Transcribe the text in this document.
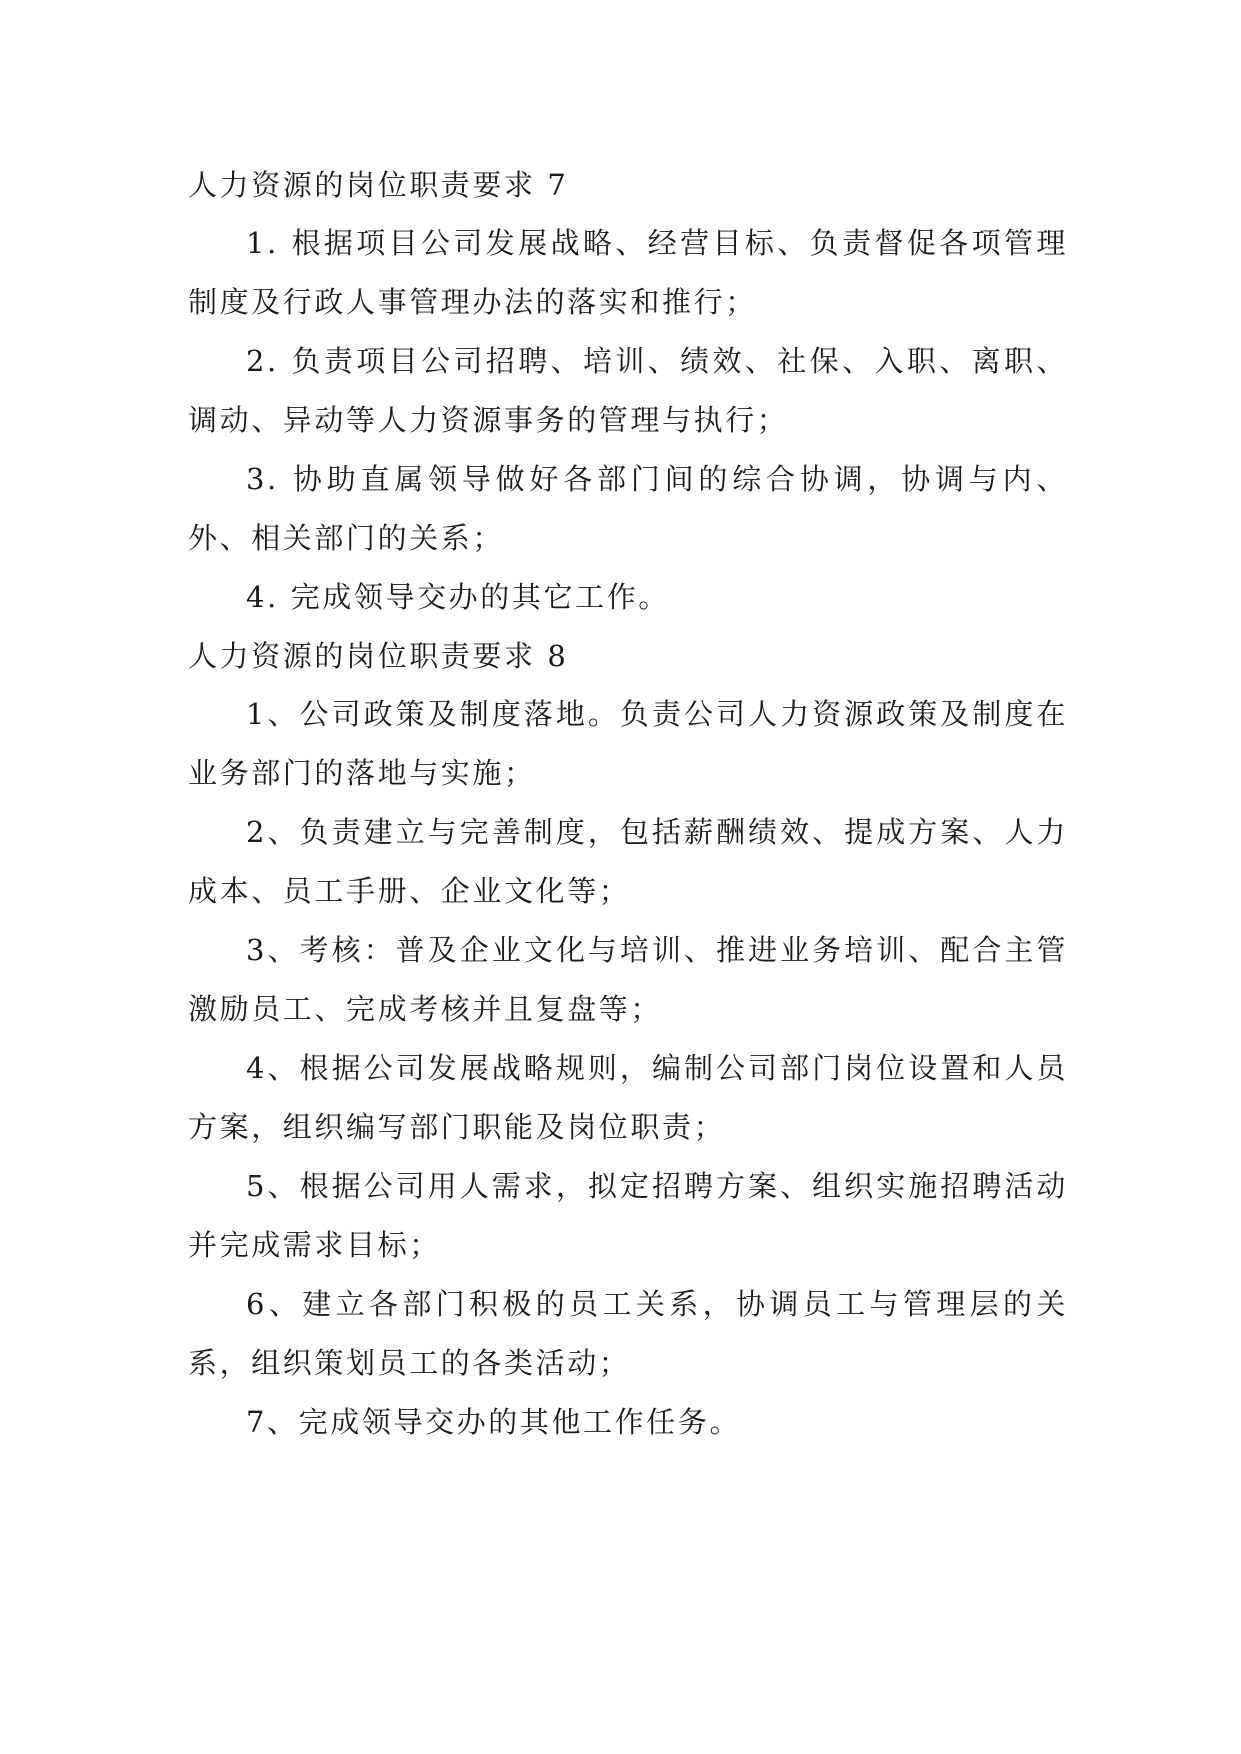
人力资源的岗位职责要求 7

1. 根据项目公司发展战略、经营目标、负责督促各项管理制度及行政人事管理办法的落实和推行；

2. 负责项目公司招聘、培训、绩效、社保、入职、离职、调动、异动等人力资源事务的管理与执行；

3. 协助直属领导做好各部门间的综合协调，协调与内、外、相关部门的关系；

4. 完成领导交办的其它工作。

人力资源的岗位职责要求 8

1、公司政策及制度落地。负责公司人力资源政策及制度在业务部门的落地与实施；

2、负责建立与完善制度，包括薪酬绩效、提成方案、人力成本、员工手册、企业文化等；

3、考核：普及企业文化与培训、推进业务培训、配合主管激励员工、完成考核并且复盘等；

4、根据公司发展战略规则，编制公司部门岗位设置和人员方案，组织编写部门职能及岗位职责；

5、根据公司用人需求，拟定招聘方案、组织实施招聘活动并完成需求目标；

6、建立各部门积极的员工关系，协调员工与管理层的关系，组织策划员工的各类活动；

7、完成领导交办的其他工作任务。
